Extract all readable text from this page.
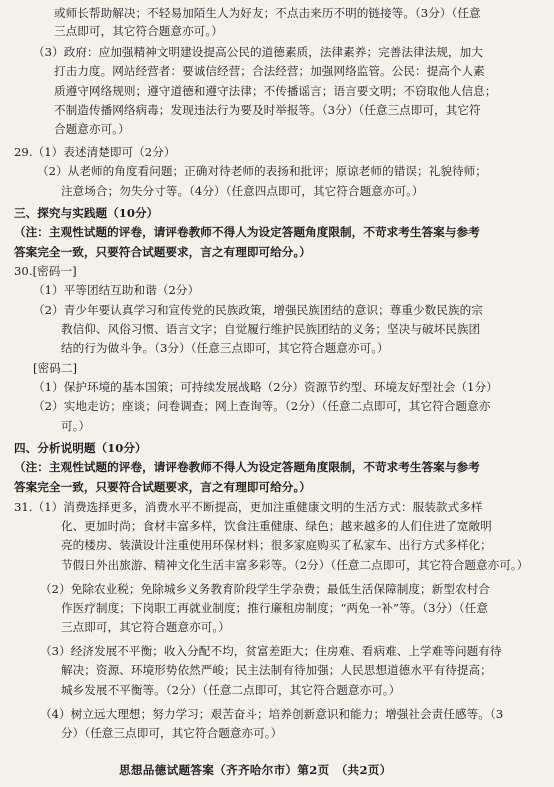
或师长帮助解决；不轻易加陌生人为好友；不点击来历不明的链接等。（3分）（任意
三点即可，其它符合题意亦可。）
（3）政府：应加强精神文明建设提高公民的道德素质，法律素养；完善法律法规，加大
打击力度。网站经营者：要诚信经营；合法经营；加强网络监管。公民：提高个人素
质遵守网络规则；遵守道德和遵守法律；不传播谣言；语言要文明；不窃取他人信息；
不制造传播网络病毒；发现违法行为要及时举报等。（3分）（任意三点即可，其它符
合题意亦可。）
29.（1）表述清楚即可（2分）
（2）从老师的角度看问题；正确对待老师的表扬和批评；原谅老师的错误；礼貌待师；
注意场合；勿失分寸等。（4分）（任意四点即可，其它符合题意亦可。）
三、探究与实践题（10分）
（注：主观性试题的评卷，请评卷教师不得人为设定答题角度限制，不苛求考生答案与参考
答案完全一致，只要符合试题要求，言之有理即可给分。）
30.[密码一]
（1）平等团结互助和谐（2分）
（2）青少年要认真学习和宣传党的民族政策，增强民族团结的意识；尊重少数民族的宗
教信仰、风俗习惯、语言文字；自觉履行维护民族团结的义务；坚决与破坏民族团
结的行为做斗争。（3分）（任意三点即可，其它符合题意亦可。）
[密码二]
（1）保护环境的基本国策；可持续发展战略（2分）资源节约型、环境友好型社会（1分）
（2）实地走访；座谈；问卷调查；网上查询等。（2分）（任意二点即可，其它符合题意亦
可。）
四、分析说明题（10分）
（注：主观性试题的评卷，请评卷教师不得人为设定答题角度限制，不苛求考生答案与参考
答案完全一致，只要符合试题要求，言之有理即可给分。）
31.（1）消费选择更多，消费水平不断提高，更加注重健康文明的生活方式：服装款式多样
化、更加时尚；食材丰富多样，饮食注重健康、绿色；越来越多的人们住进了宽敞明
亮的楼房、装潢设计注重使用环保材料；很多家庭购买了私家车、出行方式多样化；
节假日外出旅游、精神文化生活丰富多彩等。（2分）（任意二点即可，其它符合题意亦可。）
（2）免除农业税；免除城乡义务教育阶段学生学杂费；最低生活保障制度；新型农村合
作医疗制度；下岗职工再就业制度；推行廉租房制度；“两免一补”等。（3分）（任意
三点即可，其它符合题意亦可。）
（3）经济发展不平衡；收入分配不均，贫富差距大；住房难、看病难、上学难等问题有待
解决；资源、环境形势依然严峻；民主法制有待加强；人民思想道德水平有待提高；
城乡发展不平衡等。（2分）（任意二点即可，其它符合题意亦可。）
（4）树立远大理想；努力学习；艰苦奋斗；培养创新意识和能力；增强社会责任感等。（3
分）（任意三点即可，其它符合题意亦可。）
思想品德试题答案（齐齐哈尔市）第2页　（共2页）
